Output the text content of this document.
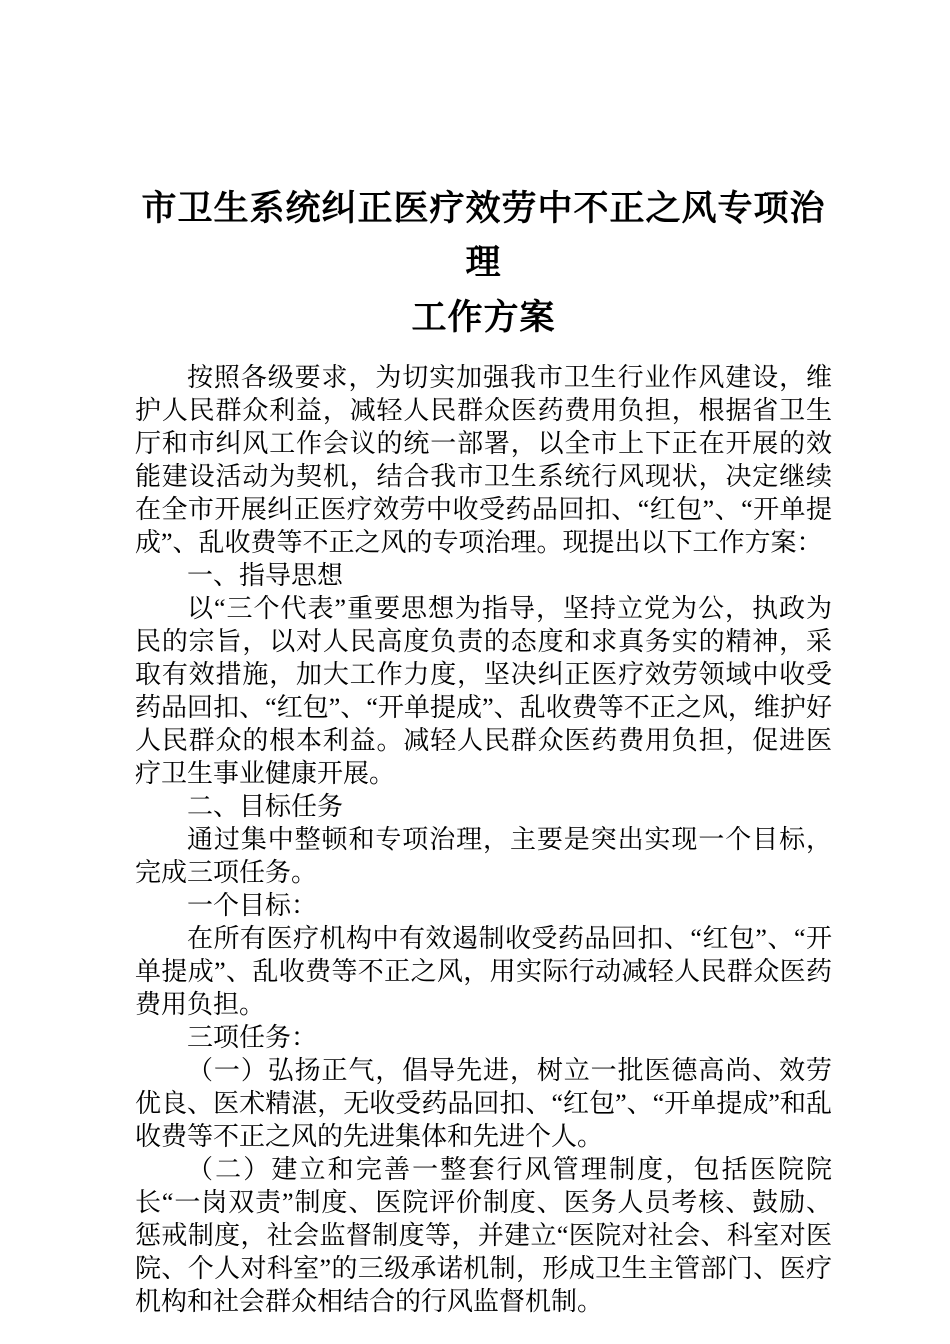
市卫生系统纠正医疗效劳中不正之风专项治理
工作方案

按照各级要求，为切实加强我市卫生行业作风建设，维护人民群众利益，减轻人民群众医药费用负担，根据省卫生厅和市纠风工作会议的统一部署，以全市上下正在开展的效能建设活动为契机，结合我市卫生系统行风现状，决定继续在全市开展纠正医疗效劳中收受药品回扣、“红包”、“开单提成”、乱收费等不正之风的专项治理。现提出以下工作方案：

一、指导思想

以“三个代表”重要思想为指导，坚持立党为公，执政为民的宗旨，以对人民高度负责的态度和求真务实的精神，采取有效措施，加大工作力度，坚决纠正医疗效劳领域中收受药品回扣、“红包”、“开单提成”、乱收费等不正之风，维护好人民群众的根本利益。减轻人民群众医药费用负担，促进医疗卫生事业健康开展。

二、目标任务

通过集中整顿和专项治理，主要是突出实现一个目标，完成三项任务。

一个目标：

在所有医疗机构中有效遏制收受药品回扣、“红包”、“开单提成”、乱收费等不正之风，用实际行动减轻人民群众医药费用负担。

三项任务：

（一）弘扬正气，倡导先进，树立一批医德高尚、效劳优良、医术精湛，无收受药品回扣、“红包”、“开单提成”和乱收费等不正之风的先进集体和先进个人。

（二）建立和完善一整套行风管理制度，包括医院院长“一岗双责”制度、医院评价制度、医务人员考核、鼓励、惩戒制度，社会监督制度等，并建立“医院对社会、科室对医院、个人对科室”的三级承诺机制，形成卫生主管部门、医疗机构和社会群众相结合的行风监督机制。
